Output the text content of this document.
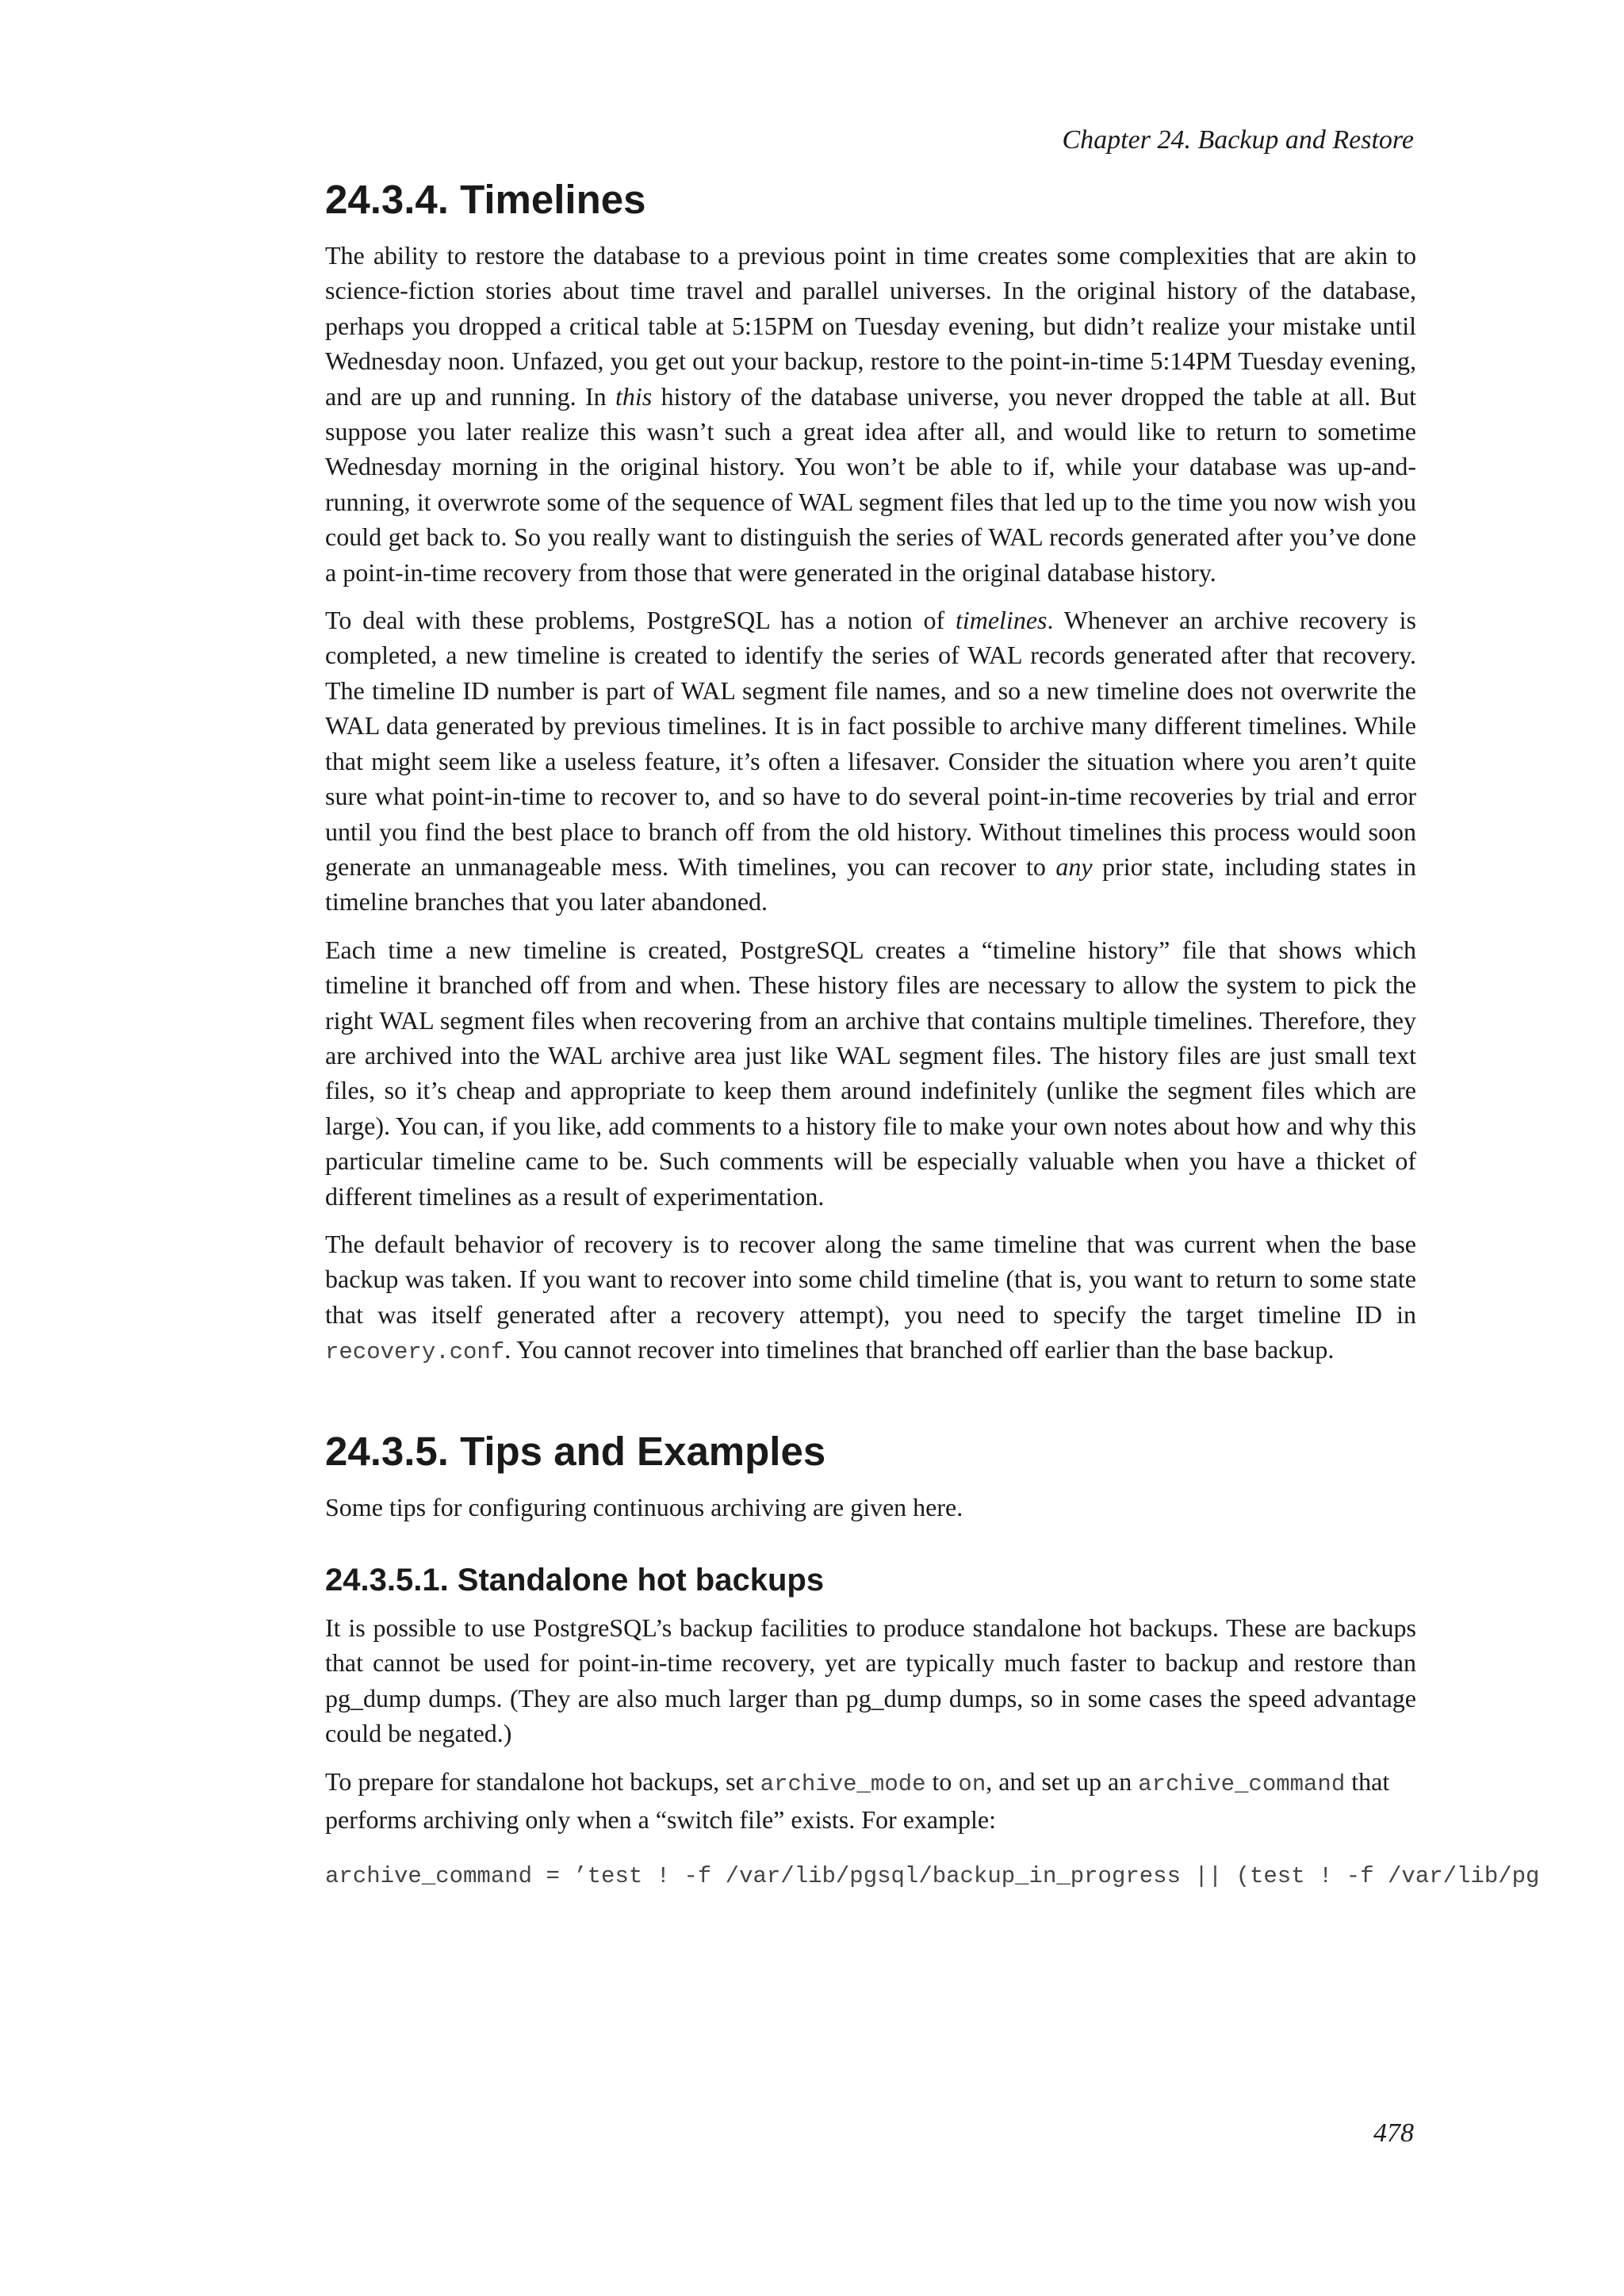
Chapter 24. Backup and Restore
24.3.4. Timelines

The ability to restore the database to a previous point in time creates some complexities that are akin to science-fiction stories about time travel and parallel universes. In the original history of the database, perhaps you dropped a critical table at 5:15PM on Tuesday evening, but didn’t realize your mistake until Wednesday noon. Unfazed, you get out your backup, restore to the point-in-time 5:14PM Tuesday evening, and are up and running. In this history of the database universe, you never dropped the table at all. But suppose you later realize this wasn’t such a great idea after all, and would like to return to sometime Wednesday morning in the original history. You won’t be able to if, while your database was up-and-running, it overwrote some of the sequence of WAL segment files that led up to the time you now wish you could get back to. So you really want to distinguish the series of WAL records generated after you’ve done a point-in-time recovery from those that were generated in the original database history.

To deal with these problems, PostgreSQL has a notion of timelines. Whenever an archive recovery is completed, a new timeline is created to identify the series of WAL records generated after that recovery. The timeline ID number is part of WAL segment file names, and so a new timeline does not overwrite the WAL data generated by previous timelines. It is in fact possible to archive many different timelines. While that might seem like a useless feature, it’s often a lifesaver. Consider the situation where you aren’t quite sure what point-in-time to recover to, and so have to do several point-in-time recoveries by trial and error until you find the best place to branch off from the old history. Without timelines this process would soon generate an unmanageable mess. With timelines, you can recover to any prior state, including states in timeline branches that you later abandoned.

Each time a new timeline is created, PostgreSQL creates a “timeline history” file that shows which timeline it branched off from and when. These history files are necessary to allow the system to pick the right WAL segment files when recovering from an archive that contains multiple timelines. Therefore, they are archived into the WAL archive area just like WAL segment files. The history files are just small text files, so it’s cheap and appropriate to keep them around indefinitely (unlike the segment files which are large). You can, if you like, add comments to a history file to make your own notes about how and why this particular timeline came to be. Such comments will be especially valuable when you have a thicket of different timelines as a result of experimentation.

The default behavior of recovery is to recover along the same timeline that was current when the base backup was taken. If you want to recover into some child timeline (that is, you want to return to some state that was itself generated after a recovery attempt), you need to specify the target timeline ID in recovery.conf. You cannot recover into timelines that branched off earlier than the base backup.

24.3.5. Tips and Examples

Some tips for configuring continuous archiving are given here.

24.3.5.1. Standalone hot backups

It is possible to use PostgreSQL’s backup facilities to produce standalone hot backups. These are backups that cannot be used for point-in-time recovery, yet are typically much faster to backup and restore than pg_dump dumps. (They are also much larger than pg_dump dumps, so in some cases the speed advantage could be negated.)

To prepare for standalone hot backups, set archive_mode to on, and set up an archive_command that performs archiving only when a “switch file” exists. For example:

archive_command = ’test ! -f /var/lib/pgsql/backup_in_progress || (test ! -f /var/lib/pg
478
